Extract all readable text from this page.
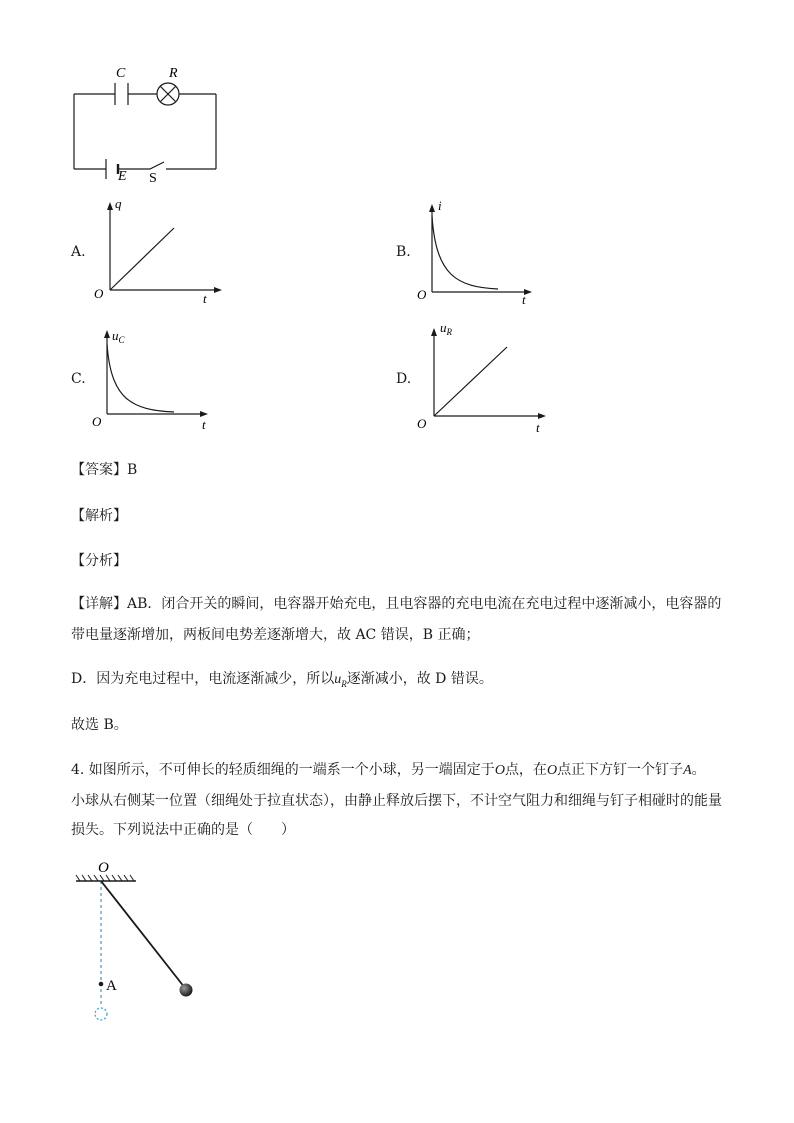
C	R
E S
A.
q
O	t
B.
i
O	t
C.
$u_C$
O	t
D.
$u_R$
O	t
【答案】B
【解析】
【分析】
【详解】AB．闭合开关的瞬间，电容器开始充电，且电容器的充电电流在充电过程中逐渐减小，电容器的
带电量逐渐增加，两板间电势差逐渐增大，故 AC 错误，B 正确；
D．因为充电过程中，电流逐渐减少，所以$u_R$逐渐减小，故 D 错误。
故选 B。
4. 如图所示，不可伸长的轻质细绳的一端系一个小球，另一端固定于O点，在O点正下方钉一个钉子A。
小球从右侧某一位置（细绳处于拉直状态），由静止释放后摆下，不计空气阻力和细绳与钉子相碰时的能量
损失。下列说法中正确的是（　　）
O
A
